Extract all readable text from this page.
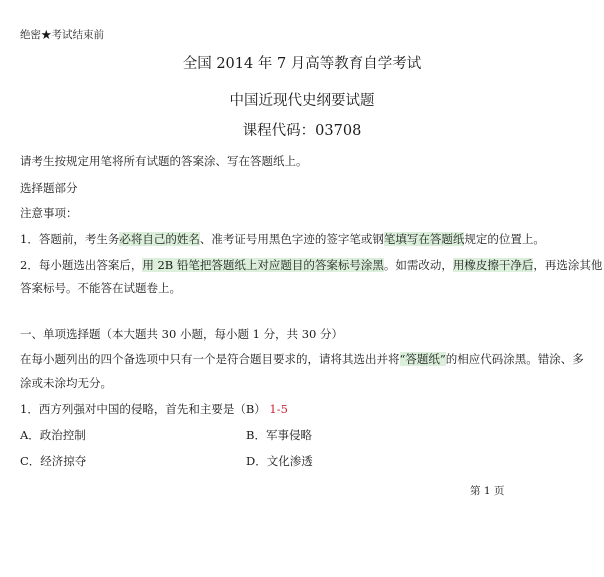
绝密★考试结束前
全国 2014 年 7 月高等教育自学考试
中国近现代史纲要试题
课程代码：03708
请考生按规定用笔将所有试题的答案涂、写在答题纸上。
选择题部分
注意事项：
1．答题前，考生务必将自己的姓名、准考证号用黑色字迹的签字笔或钢笔填写在答题纸规定的位置上。
2．每小题选出答案后，用 2B 铅笔把答题纸上对应题目的答案标号涂黑。如需改动，用橡皮擦干净后，再选涂其他
答案标号。不能答在试题卷上。
一、单项选择题（本大题共 30 小题，每小题 1 分，共 30 分）
在每小题列出的四个备选项中只有一个是符合题目要求的，请将其选出并将“答题纸”的相应代码涂黑。错涂、多
涂或未涂均无分。
1．西方列强对中国的侵略，首先和主要是（B） 1-5
A．政治控制	B．军事侵略
C．经济掠夺	D．文化渗透
第 1 页
